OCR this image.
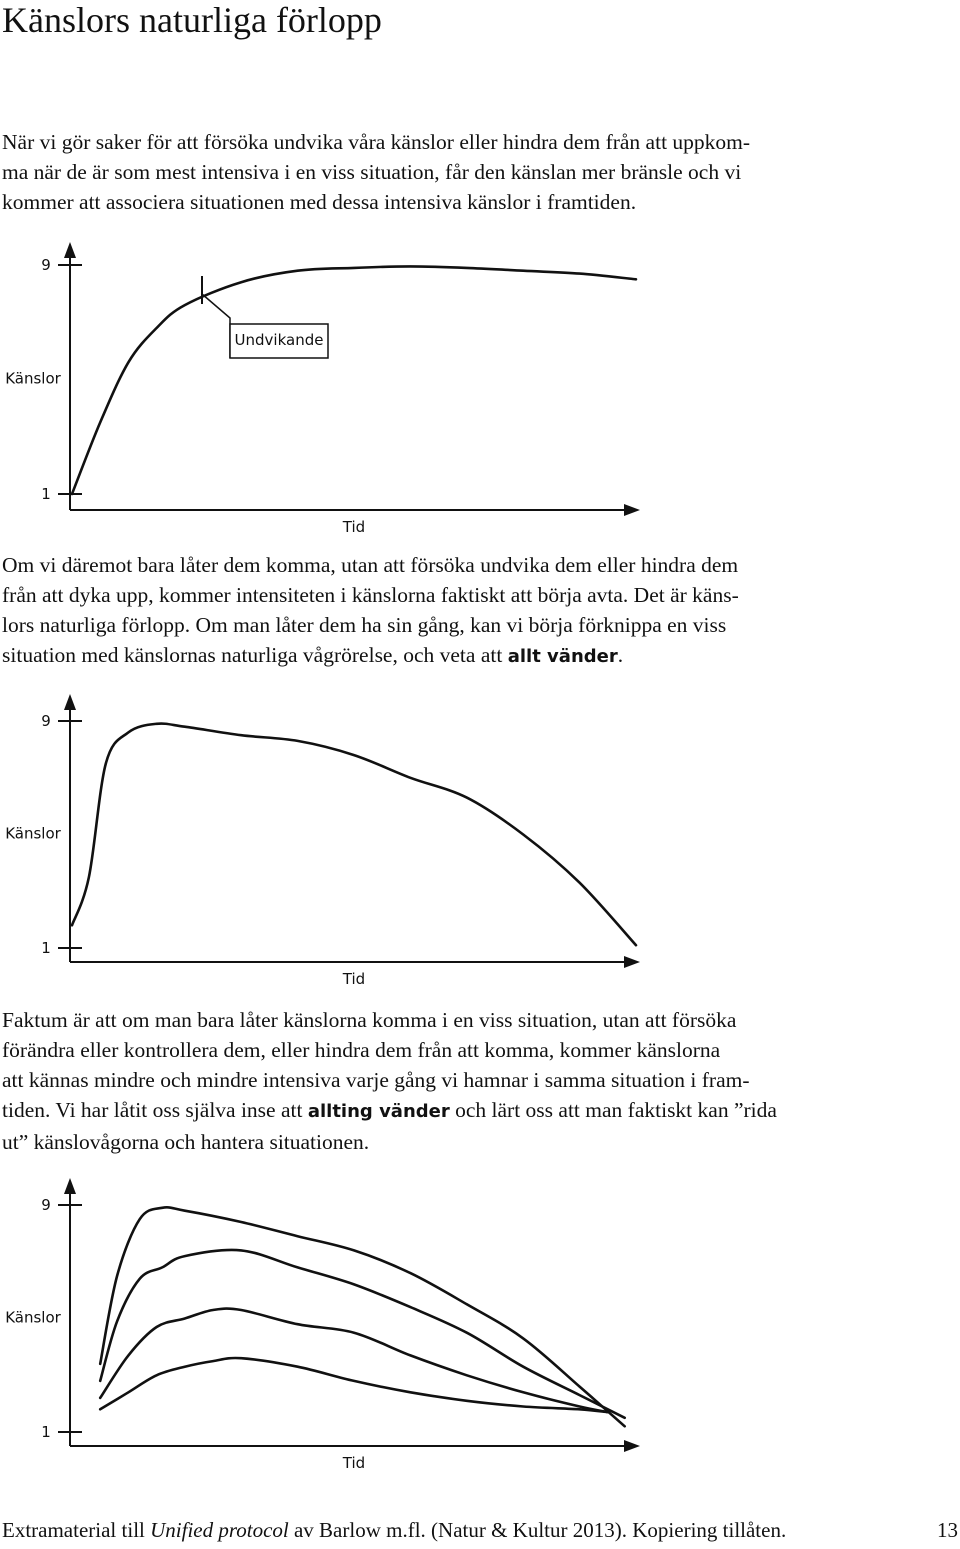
Känslors naturliga förlopp

När vi gör saker för att försöka undvika våra känslor eller hindra dem från att uppkom-
ma när de är som mest intensiva i en viss situation, får den känslan mer bränsle och vi
kommer att associera situationen med dessa intensiva känslor i framtiden.

9
1
Känslor
Tid
Undvikande

Om vi däremot bara låter dem komma, utan att försöka undvika dem eller hindra dem
från att dyka upp, kommer intensiteten i känslorna faktiskt att börja avta. Det är käns-
lors naturliga förlopp. Om man låter dem ha sin gång, kan vi börja förknippa en viss
situation med känslornas naturliga vågrörelse, och veta att allt vänder.

9
1
Känslor
Tid

Faktum är att om man bara låter känslorna komma i en viss situation, utan att försöka
förändra eller kontrollera dem, eller hindra dem från att komma, kommer känslorna
att kännas mindre och mindre intensiva varje gång vi hamnar i samma situation i fram-
tiden. Vi har låtit oss själva inse att allting vänder och lärt oss att man faktiskt kan ”rida
ut” känslovågorna och hantera situationen.

9
1
Känslor
Tid
Extramaterial till Unified protocol av Barlow m.fl. (Natur & Kultur 2013). Kopiering tillåten.	13
